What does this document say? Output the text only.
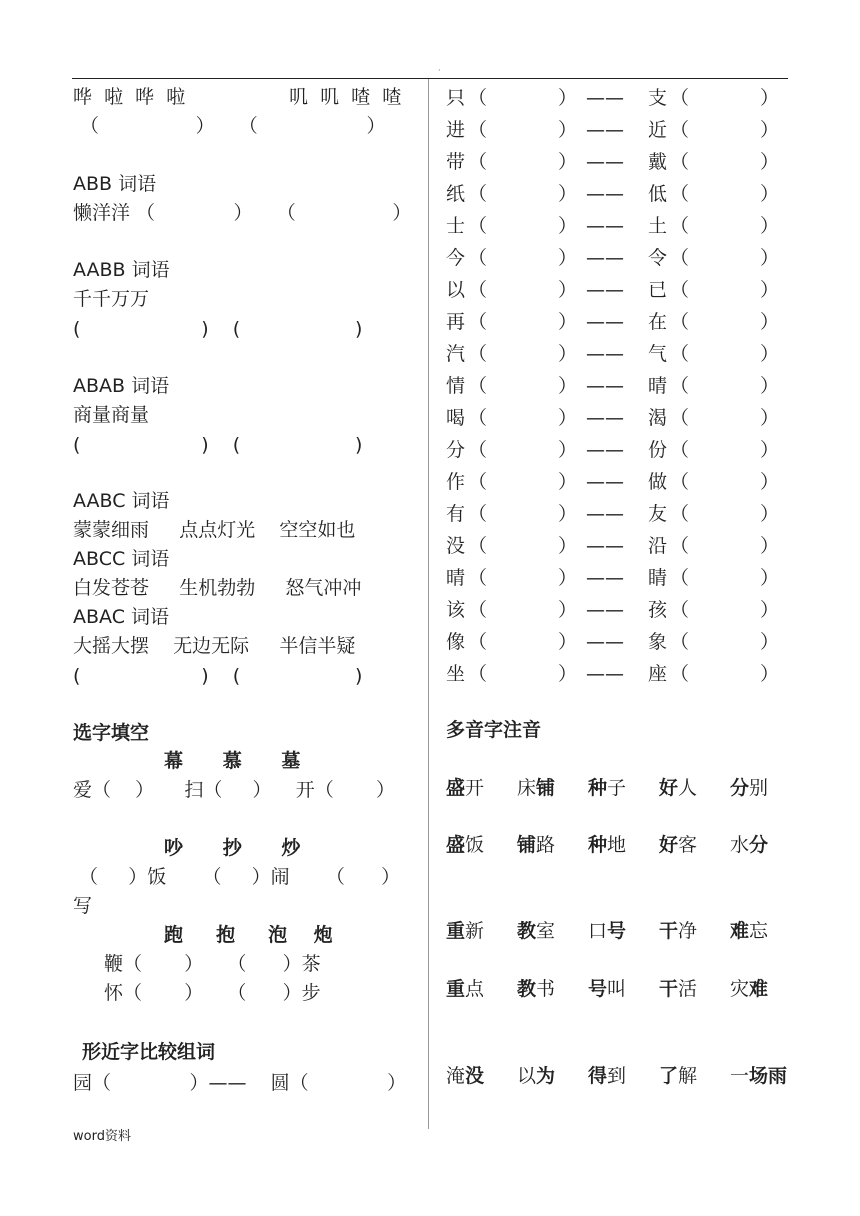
·
哗  啦  哗  啦	叽  叽  喳  喳
（                ）    （                  ）
ABB 词语
懒洋洋 （             ）    （                ）
AABB 词语
千千万万
(                    )    (                   )
ABAB 词语
商量商量
(                    )    (                   )
AABC 词语
蒙蒙细雨     点点灯光    空空如也
ABCC 词语
白发苍苍     生机勃勃     怒气冲冲
ABAC 词语
大摇大摆    无边无际     半信半疑
(                    )    (                   )
选字填空
幕      慕      墓
爱（    ）     扫（     ）    开（       ）
吵      抄      炒
（     ）饭      （     ）闹      （      ）
写
跑     抱     泡    炮
鞭（       ）    （      ）茶
怀（       ）    （      ）步
形近字比较组词
园（             ）——    圆（             ）
只 （	） —— 支 （	）
进 （	） —— 近 （	）
带 （	） —— 戴 （	）
纸 （	） —— 低 （	）
士 （	） —— 土 （	）
今 （	） —— 令 （	）
以 （	） —— 已 （	）
再 （	） —— 在 （	）
汽 （	） —— 气 （	）
情 （	） —— 晴 （	）
喝 （	） —— 渴 （	）
分 （	） —— 份 （	）
作 （	） —— 做 （	）
有 （	） —— 友 （	）
没 （	） —— 沿 （	）
晴 （	） —— 睛 （	）
该 （	） —— 孩 （	）
像 （	） —— 象 （	）
坐 （	） —— 座 （	）
多音字注音
盛开 床铺 种子 好人 分别
盛饭 铺路 种地 好客 水分
重新 教室 口号 干净 难忘
重点 教书 号叫 干活 灾难
淹没 以为 得到 了解 一场雨
word资料
